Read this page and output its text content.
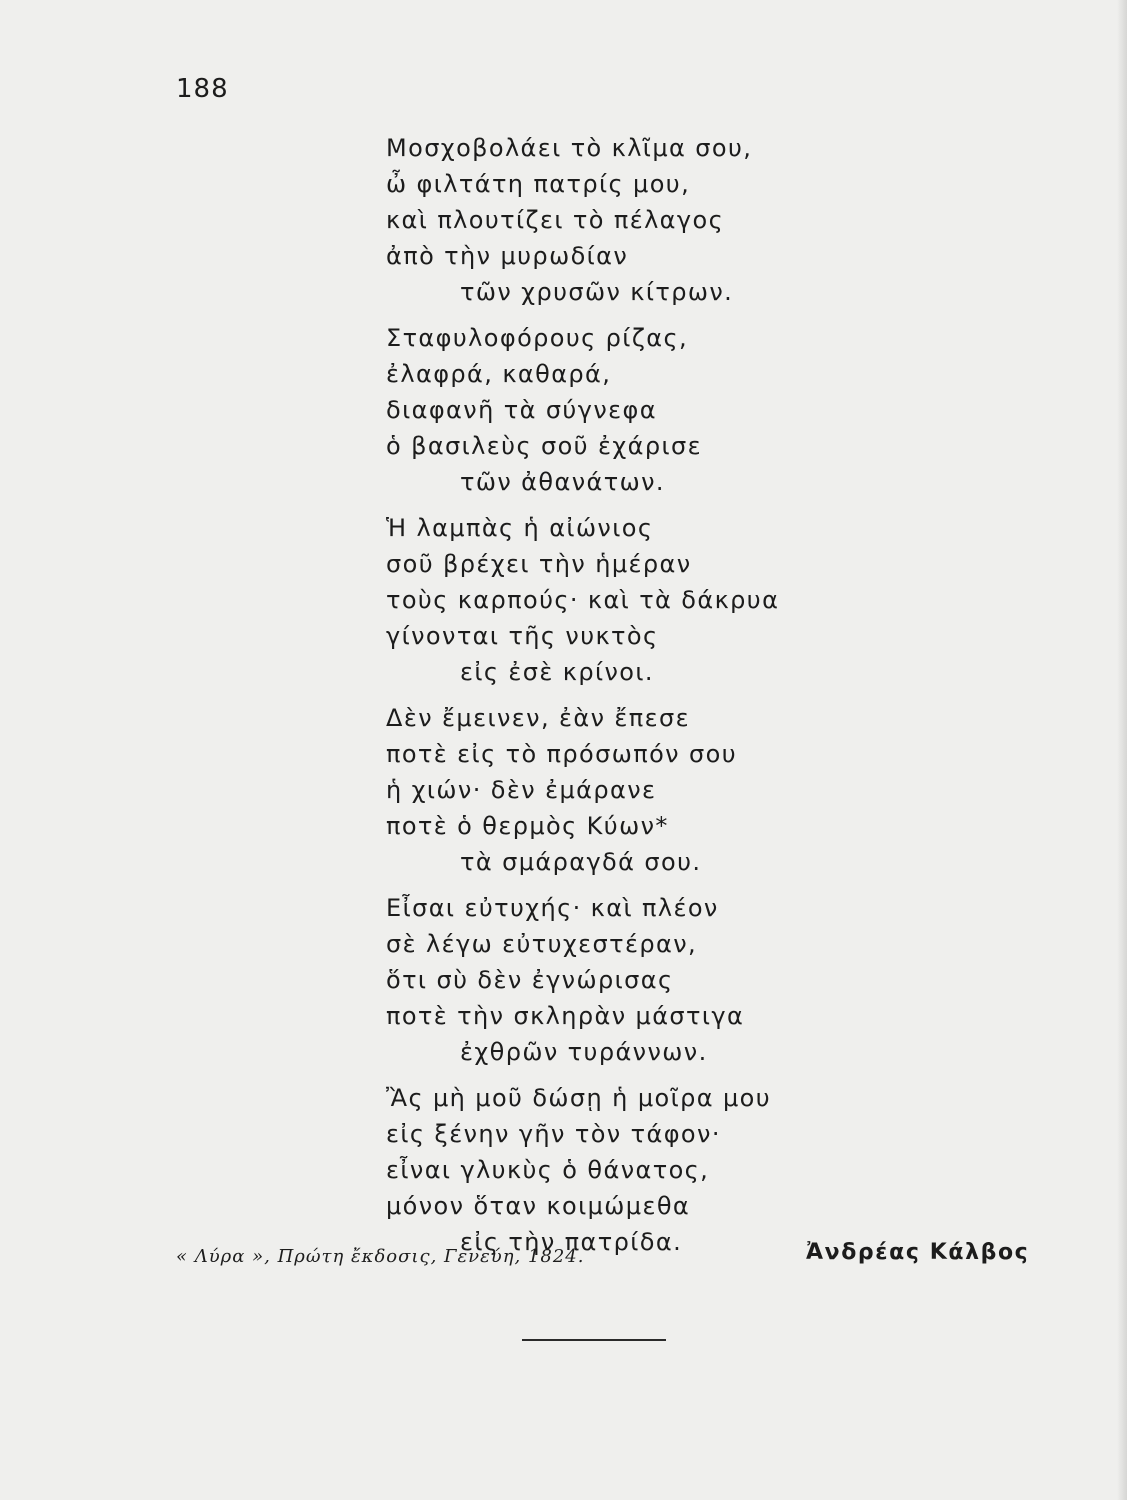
188
Μοσχοβολάει τὸ κλῖμα σου,
ὦ φιλτάτη πατρίς μου,
καὶ πλουτίζει τὸ πέλαγος
ἀπὸ τὴν μυρωδίαν
τῶν χρυσῶν κίτρων.
Σταφυλοφόρους ρίζας,
ἐλαφρά, καθαρά,
διαφανῆ τὰ σύγνεφα
ὁ βασιλεὺς σοῦ ἐχάρισε
τῶν ἀθανάτων.
Ἡ λαμπὰς ἡ αἰώνιος
σοῦ βρέχει τὴν ἡμέραν
τοὺς καρπούς· καὶ τὰ δάκρυα
γίνονται τῆς νυκτὸς
εἰς ἐσὲ κρίνοι.
Δὲν ἔμεινεν, ἐὰν ἔπεσε
ποτὲ εἰς τὸ πρόσωπόν σου
ἡ χιών· δὲν ἐμάρανε
ποτὲ ὁ θερμὸς Κύων*
τὰ σμάραγδά σου.
Εἶσαι εὐτυχής· καὶ πλέον
σὲ λέγω εὐτυχεστέραν,
ὅτι σὺ δὲν ἐγνώρισας
ποτὲ τὴν σκληρὰν μάστιγα
ἐχθρῶν τυράννων.
Ἂς μὴ μοῦ δώσῃ ἡ μοῖρα μου
εἰς ξένην γῆν τὸν τάφον·
εἶναι γλυκὺς ὁ θάνατος,
μόνον ὅταν κοιμώμεθα
εἰς τὴν πατρίδα.
« Λύρα », Πρώτη ἔκδοσις, Γενεύη, 1824.	Ἀνδρέας Κάλβος
